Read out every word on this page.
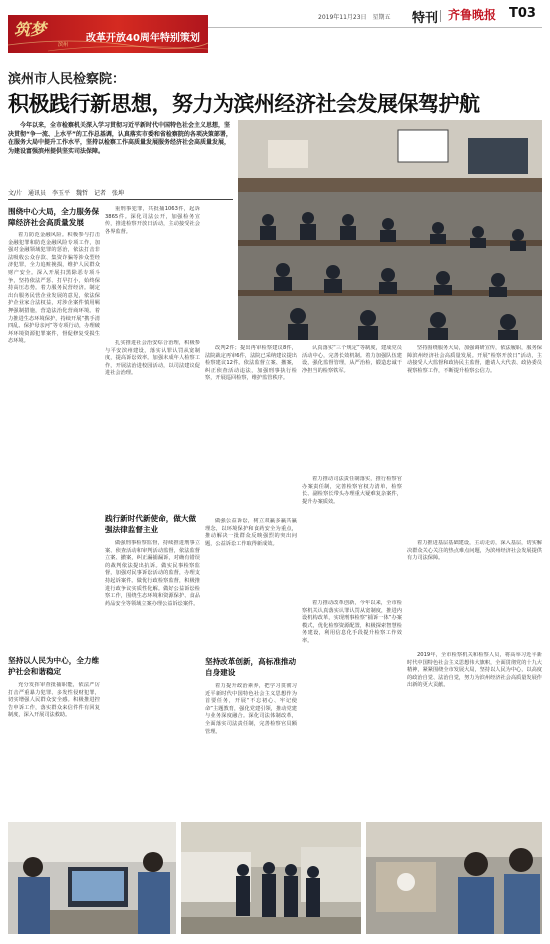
2019年11月23日　星期五 特刊 齐鲁晚报 T03
筑梦
滨州
改革开放40周年特别策划
滨州市人民检察院：
积极践行新思想，努力为滨州经济社会发展保驾护航
今年以来，全市检察机关深入学习贯彻习近平新时代中国特色社会主义思想，坚决贯彻“争一流、上水平”的工作总基调，认真落实市委和省检察院的各项决策部署，在服务大局中提升工作水平，坚持以检察工作高质量发展服务经济社会高质量发展，为建设富强滨州提供坚实司法保障。
文/片　通讯员　李玉平　魏哲　记者　张坤
围绕中心大局，全力服务保障经济社会高质量发展
着力防范金融风险。积极参与打击金融犯罪和防范金融风险专项工作，加强对金融领域犯罪的惩治，依法打击非法吸收公众存款、集资诈骗等涉众型经济犯罪，全力追赃挽损，维护人民群众财产安全。深入开展扫黑除恶专项斗争，坚持依法严惩、打早打小，始终保持高压态势。着力服务民营经济。制定出台服务民营企业发展的意见，依法保护企业家合法权益，对涉企案件慎用羁押强制措施，营造法治化营商环境。着力推进生态环境保护，持续开展“携手清四乱、保护母亲河”等专项行动，办理破坏环境资源犯罪案件，督促修复受损生态环境。
坚持以人民为中心，全力维护社会和谐稳定
充分发挥审查批捕职能，依法严厉打击严重暴力犯罪、多发性侵财犯罪，切实增强人民群众安全感。积极推进控告申诉工作，落实群众来信件件有回复制度，深入开展司法救助。
重刑事犯罪，共批捕1063件，起诉3865件。深化司法公开，加强检务宣传，推进检察开放日活动，主动接受社会各界监督。
扎实推进社会治安综合治理，积极参与平安滨州建设，落实认罪认罚从宽制度，提高诉讼效率。加强未成年人检察工作，开展法治进校园活动，以司法建议促进社会治理。
践行新时代新使命，做大做强法律监督主业
做强刑事检察监督，持续推进刑事立案、侦查活动和审判活动监督，依法监督立案、撤案，纠正漏捕漏诉，对确有错误的裁判依法提出抗诉。做实民事检察监督，加强对民事诉讼活动的监督，办理支持起诉案件。做优行政检察监督，积极推进行政争议实质性化解。做好公益诉讼检察工作，围绕生态环境和资源保护、食品药品安全等领域立案办理公益诉讼案件。
改判2件；提出再审检察建议8件，法院裁定再审6件，法院已采纳建议提出检察建议12件。依法监督立案、撤案，纠正侦查活动违法，加强刑事执行检察，开展巡回检察，维护监管秩序。
做强公益诉讼，树立双赢多赢共赢理念，以环境保护和食药安全为重点，推动解决一批群众反映强烈的突出问题，公益诉讼工作取得新成效。
坚持改革创新，高标准推动自身建设
着力提升政治素养，把学习贯彻习近平新时代中国特色社会主义思想作为首要任务，开展“不忘初心、牢记使命”主题教育，强化党建引领，推动党建与业务深度融合。深化司法体制改革，全面落实司法责任制，完善检察官员额管理。
认真落实“三个规定”等制度，建成党员活动中心，完善长效机制。着力加强队伍建设，强化监督管理，从严治检，锻造忠诚干净担当的检察铁军。
着力推动司法责任制落实，推行检察官办案责任制，完善检察官权力清单，检察长、副检察长带头办理重大疑难复杂案件，提升办案质效。
着力推动改革创新，今年以来，全市检察机关认真落实认罪认罚从宽制度，推进内设机构改革，实现刑事检察“捕诉一体”办案模式，优化检察资源配置，积极探索智慧检务建设，利用信息化手段提升检察工作效率。
坚持围绕服务大局，加强调研宣传，依法履职，服务保障滨州经济社会高质量发展。开展“检察开放日”活动，主动接受人大监督和政协民主监督，邀请人大代表、政协委员视察检察工作，不断提升检察公信力。
着力推进基层基础建设，主动走访，深入基层，切实解决群众关心关注的热点难点问题，为滨州经济社会发展提供有力司法保障。
2019年，全市检察机关和检察人员，将高举习近平新时代中国特色社会主义思想伟大旗帜，全面贯彻党的十九大精神，紧紧围绕全市发展大局，坚持以人民为中心，以高度的政治自觉、法治自觉，努力为滨州经济社会高质量发展作出新的更大贡献。
